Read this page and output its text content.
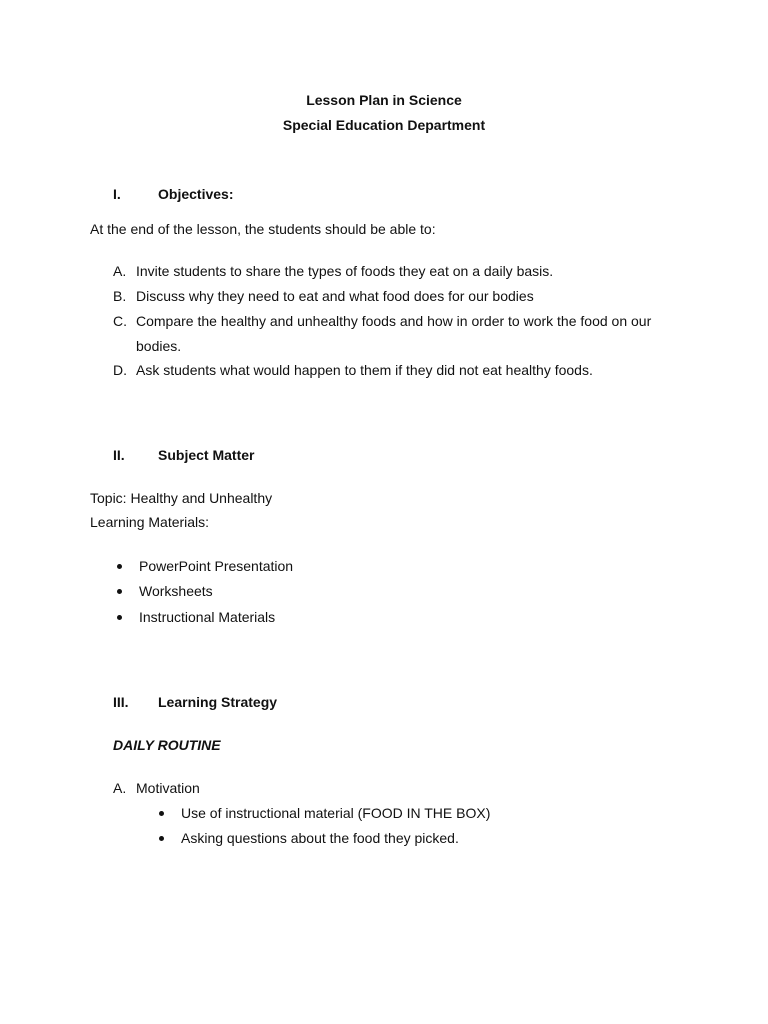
Lesson Plan in Science
Special Education Department
I.	Objectives:
At the end of the lesson, the students should be able to:
A. Invite students to share the types of foods they eat on a daily basis.
B. Discuss why they need to eat and what food does for our bodies
C. Compare the healthy and unhealthy foods and how in order to work the food on our
bodies.
D. Ask students what would happen to them if they did not eat healthy foods.
II. Subject Matter
Topic: Healthy and Unhealthy
Learning Materials:
PowerPoint Presentation
Worksheets
Instructional Materials
III. Learning Strategy
DAILY ROUTINE
A. Motivation
Use of instructional material (FOOD IN THE BOX)
Asking questions about the food they picked.
